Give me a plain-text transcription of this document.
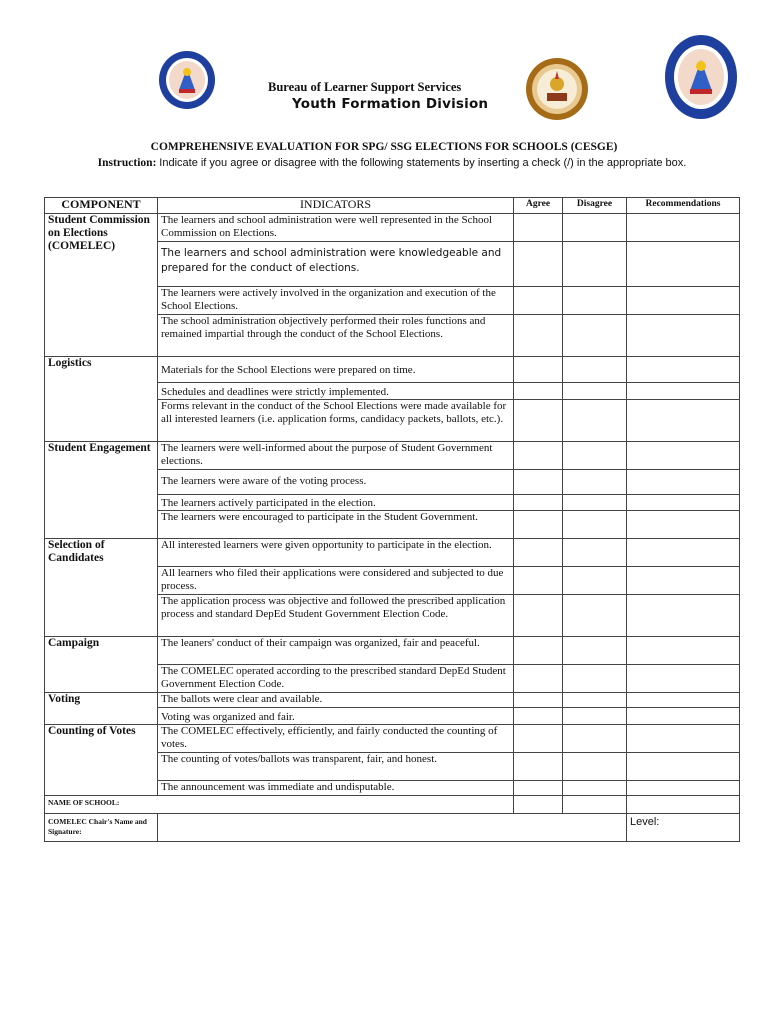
Bureau of Learner Support Services
Youth Formation Division
COMPREHENSIVE EVALUATION FOR SPG/ SSG ELECTIONS FOR SCHOOLS (CESGE)
Instruction: Indicate if you agree or disagree with the following statements by inserting a check (/) in the appropriate box.
COMPONENT	INDICATORS	Agree	Disagree	Recommendations
Student Commission on Elections (COMELEC)	The learners and school administration were well represented in the School Commission on Elections.			
	The learners and school administration were knowledgeable and prepared for the conduct of elections.			
	The learners were actively involved in the organization and execution of the School Elections.			
	The school administration objectively performed their roles functions and remained impartial through the conduct of the School Elections.			
Logistics	Materials for the School Elections were prepared on time.			
	Schedules and deadlines were strictly implemented.			
	Forms relevant in the conduct of the School Elections were made available for all interested learners (i.e. application forms, candidacy packets, ballots, etc.).			
Student Engagement	The learners were well-informed about the purpose of Student Government elections.			
	The learners were aware of the voting process.			
	The learners actively participated in the election.			
	The learners were encouraged to participate in the Student Government.			
Selection of Candidates	All interested learners were given opportunity to participate in the election.			
	All learners who filed their applications were considered and subjected to due process.			
	The application process was objective and followed the prescribed application process and standard DepEd Student Government Election Code.			
Campaign	The leaners' conduct of their campaign was organized, fair and peaceful.			
	The COMELEC operated according to the prescribed standard DepEd Student Government Election Code.			
Voting	The ballots were clear and available.			
	Voting was organized and fair.			
Counting of Votes	The COMELEC effectively, efficiently, and fairly conducted the counting of votes.			
	The counting of votes/ballots was transparent, fair, and honest.			
	The announcement was immediate and undisputable.			
NAME OF SCHOOL:				
COMELEC Chair's Name and Signature:				Level:
